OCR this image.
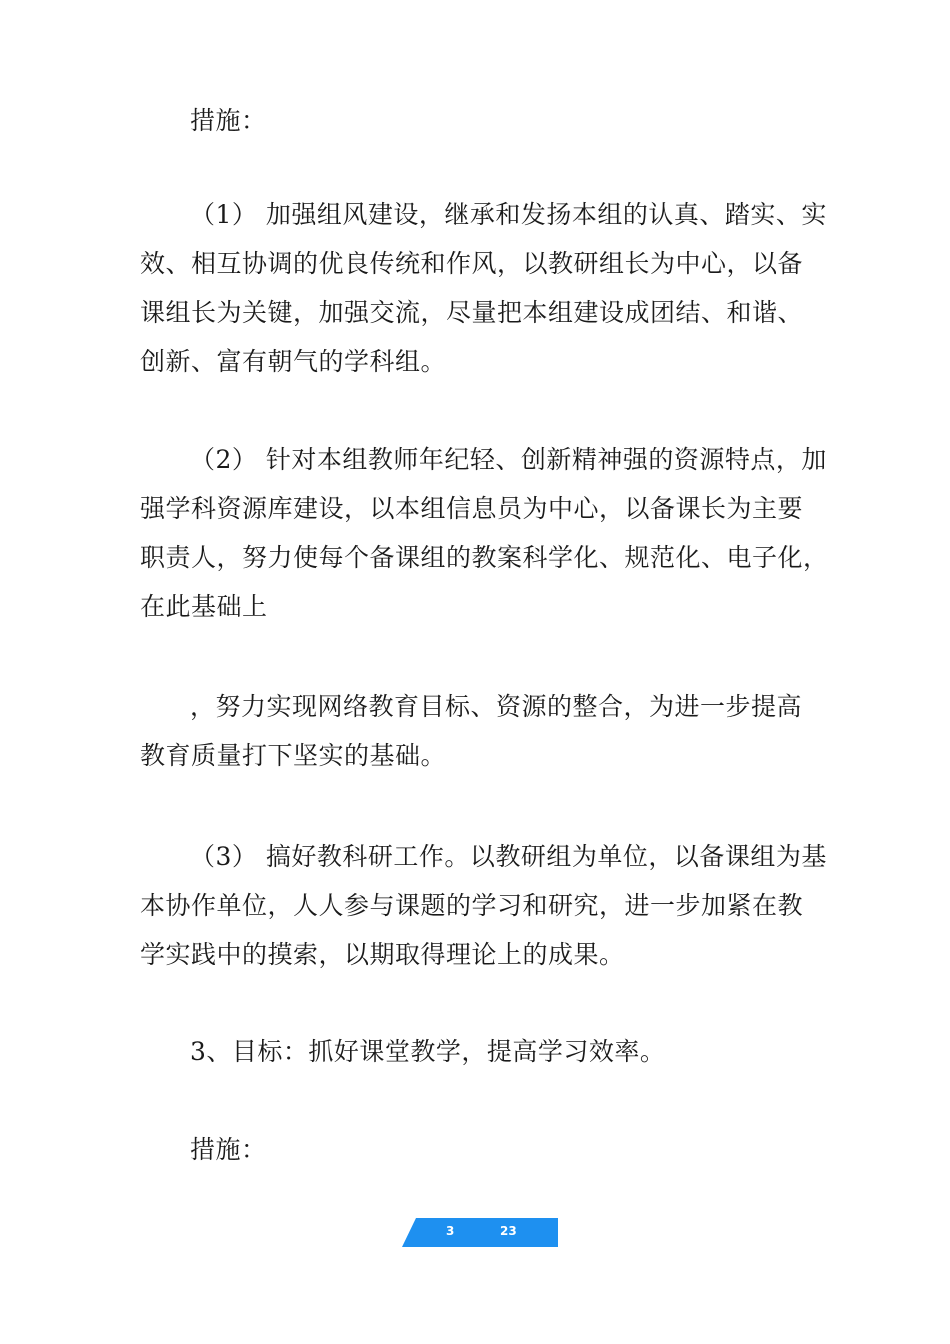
措施：

（1） 加强组风建设，继承和发扬本组的认真、踏实、实
效、相互协调的优良传统和作风，以教研组长为中心，以备
课组长为关键，加强交流，尽量把本组建设成团结、和谐、
创新、富有朝气的学科组。

（2） 针对本组教师年纪轻、创新精神强的资源特点，加
强学科资源库建设，以本组信息员为中心，以备课长为主要
职责人，努力使每个备课组的教案科学化、规范化、电子化，
在此基础上

，努力实现网络教育目标、资源的整合，为进一步提高
教育质量打下坚实的基础。

（3） 搞好教科研工作。以教研组为单位，以备课组为基
本协作单位，人人参与课题的学习和研究，进一步加紧在教
学实践中的摸索，以期取得理论上的成果。

3、目标：抓好课堂教学，提高学习效率。

措施：

3	23
